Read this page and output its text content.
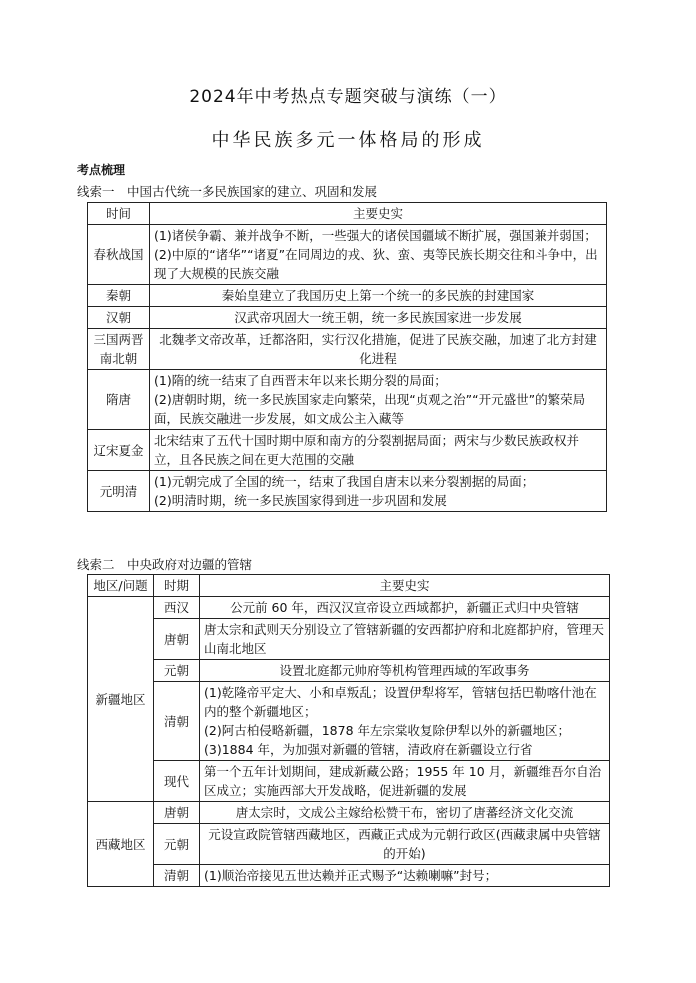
2024年中考热点专题突破与演练（一）
中华民族多元一体格局的形成
考点梳理
线索一　中国古代统一多民族国家的建立、巩固和发展
时间	主要史实
春秋战国	(1)诸侯争霸、兼并战争不断，一些强大的诸侯国疆域不断扩展，强国兼并弱国；
(2)中原的“诸华”“诸夏”在同周边的戎、狄、蛮、夷等民族长期交往和斗争中，出现了大规模的民族交融

秦朝	秦始皇建立了我国历史上第一个统一的多民族的封建国家

汉朝	汉武帝巩固大一统王朝，统一多民族国家进一步发展

三国两晋南北朝	北魏孝文帝改革，迁都洛阳，实行汉化措施，促进了民族交融，加速了北方封建化进程

隋唐	(1)隋的统一结束了自西晋末年以来长期分裂的局面；
(2)唐朝时期，统一多民族国家走向繁荣，出现“贞观之治”“开元盛世”的繁荣局面，民族交融进一步发展，如文成公主入藏等

辽宋夏金	北宋结束了五代十国时期中原和南方的分裂割据局面；两宋与少数民族政权并立，且各民族之间在更大范围的交融

元明清	(1)元朝完成了全国的统一，结束了我国自唐末以来分裂割据的局面；
(2)明清时期，统一多民族国家得到进一步巩固和发展
线索二　中央政府对边疆的管辖
地区/问题	时期	主要史实
新疆地区	西汉	公元前 60 年，西汉汉宣帝设立西域都护，新疆正式归中央管辖

	唐朝	唐太宗和武则天分别设立了管辖新疆的安西都护府和北庭都护府，管理天山南北地区

	元朝	设置北庭都元帅府等机构管理西域的军政事务

	清朝	(1)乾隆帝平定大、小和卓叛乱；设置伊犁将军，管辖包括巴勒喀什池在内的整个新疆地区；
(2)阿古柏侵略新疆，1878 年左宗棠收复除伊犁以外的新疆地区；
(3)1884 年，为加强对新疆的管辖，清政府在新疆设立行省

	现代	第一个五年计划期间，建成新藏公路；1955 年 10 月，新疆维吾尔自治区成立；实施西部大开发战略，促进新疆的发展

西藏地区	唐朝	唐太宗时，文成公主嫁给松赞干布，密切了唐蕃经济文化交流

	元朝	元设宣政院管辖西藏地区，西藏正式成为元朝行政区(西藏隶属中央管辖的开始)

	清朝	(1)顺治帝接见五世达赖并正式赐予“达赖喇嘛”封号；
